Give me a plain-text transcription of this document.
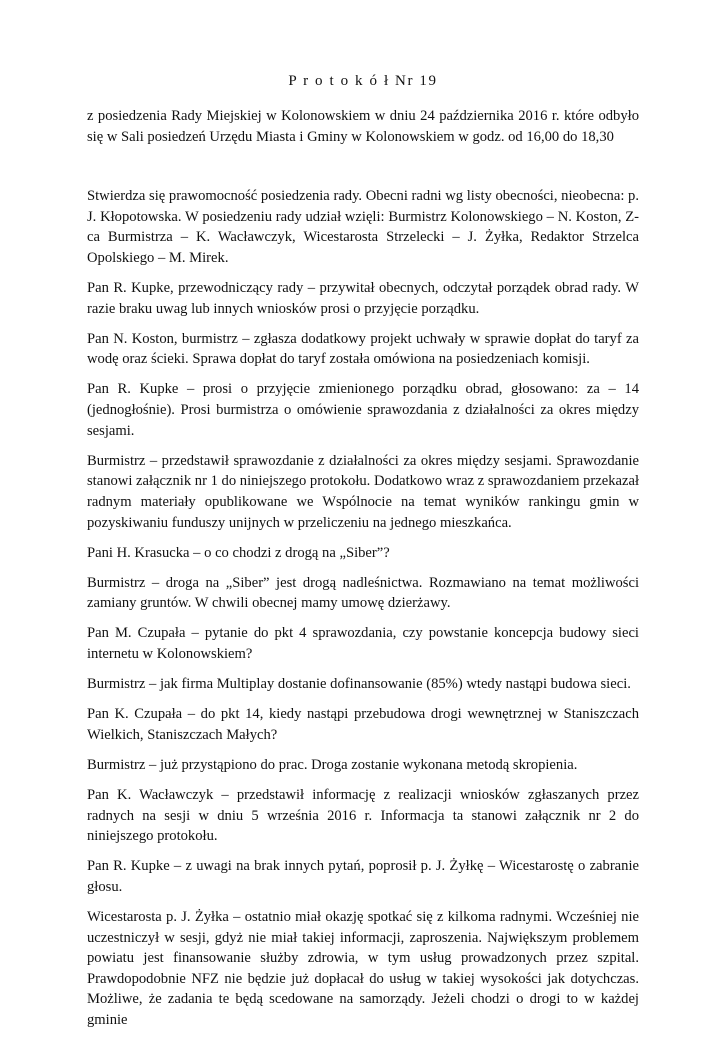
P r o t o k ó ł Nr 19

z posiedzenia Rady Miejskiej w Kolonowskiem w dniu 24 października 2016 r. które odbyło się w Sali posiedzeń Urzędu Miasta i Gminy w Kolonowskiem w godz. od 16,00 do 18,30

Stwierdza się prawomocność posiedzenia rady. Obecni radni wg listy obecności, nieobecna: p. J. Kłopotowska. W posiedzeniu rady udział wzięli: Burmistrz Kolonowskiego – N. Koston, Z-ca Burmistrza – K. Wacławczyk, Wicestarosta Strzelecki – J. Żyłka, Redaktor Strzelca Opolskiego – M. Mirek.

Pan R. Kupke, przewodniczący rady – przywitał obecnych, odczytał porządek obrad rady. W razie braku uwag lub innych wniosków prosi o przyjęcie porządku.

Pan N. Koston, burmistrz – zgłasza dodatkowy projekt uchwały w sprawie dopłat do taryf za wodę oraz ścieki. Sprawa dopłat do taryf została omówiona na posiedzeniach komisji.

Pan R. Kupke – prosi o przyjęcie zmienionego porządku obrad, głosowano: za – 14 (jednogłośnie). Prosi burmistrza o omówienie sprawozdania z działalności za okres między sesjami.

Burmistrz – przedstawił sprawozdanie z działalności za okres między sesjami. Sprawozdanie stanowi załącznik nr 1 do niniejszego protokołu. Dodatkowo wraz z sprawozdaniem przekazał radnym materiały opublikowane we Wspólnocie na temat wyników rankingu gmin w pozyskiwaniu funduszy unijnych w przeliczeniu na jednego mieszkańca.

Pani H. Krasucka – o co chodzi z drogą na „Siber”?

Burmistrz – droga na „Siber” jest drogą nadleśnictwa. Rozmawiano na temat możliwości zamiany gruntów. W chwili obecnej mamy umowę dzierżawy.

Pan M. Czupała – pytanie do pkt 4 sprawozdania, czy powstanie koncepcja budowy sieci internetu w Kolonowskiem?

Burmistrz – jak firma Multiplay dostanie dofinansowanie (85%) wtedy nastąpi budowa sieci.

Pan K. Czupała – do pkt 14, kiedy nastąpi przebudowa drogi wewnętrznej w Staniszczach Wielkich, Staniszczach Małych?

Burmistrz – już przystąpiono do prac. Droga zostanie wykonana metodą skropienia.

Pan K. Wacławczyk – przedstawił informację z realizacji wniosków zgłaszanych przez radnych na sesji w dniu 5 września 2016 r. Informacja ta stanowi załącznik nr 2 do niniejszego protokołu.

Pan R. Kupke – z uwagi na brak innych pytań, poprosił p. J. Żyłkę – Wicestarostę o zabranie głosu.

Wicestarosta p. J. Żyłka – ostatnio miał okazję spotkać się z kilkoma radnymi. Wcześniej nie uczestniczył w sesji, gdyż nie miał takiej informacji, zaproszenia. Największym problemem powiatu jest finansowanie służby zdrowia, w tym usług prowadzonych przez szpital. Prawdopodobnie NFZ nie będzie już dopłacał do usług w takiej wysokości jak dotychczas. Możliwe, że zadania te będą scedowane na samorządy. Jeżeli chodzi o drogi to w każdej gminie
